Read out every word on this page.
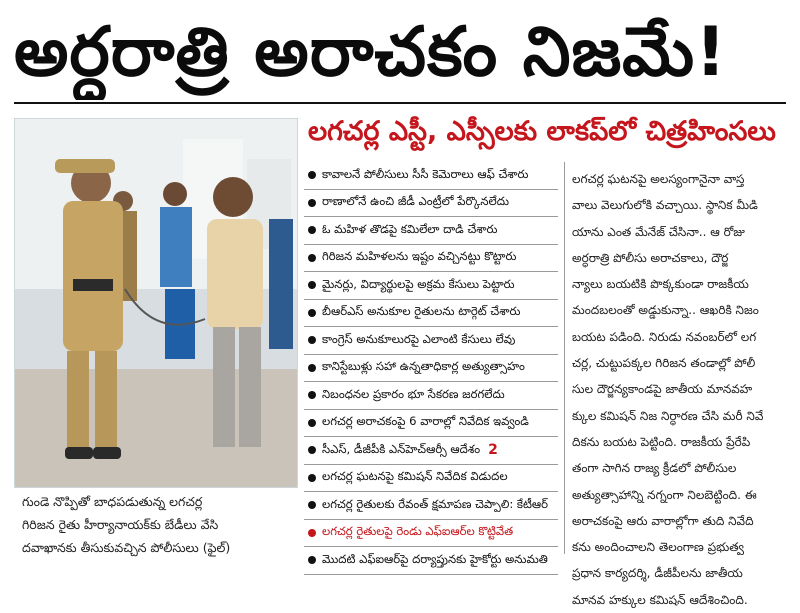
అర్ధరాత్రి అరాచకం నిజమే!
లగచర్ల ఎస్టీ, ఎస్సీలకు లాకప్‌లో చిత్రహింసలు
గుండె నొప్పితో బాధపడుతున్న లగచర్ల
గిరిజన రైతు హీర్యానాయక్‌కు బేడీలు వేసి
దవాఖానకు తీసుకువచ్చిన పోలీసులు (ఫైల్)
కావాలనే పోలీసులు సీసీ కెమెరాలు ఆఫ్ చేశారు
రాణాలోనే ఉంచి జీడీ ఎంట్రీలో పేర్కొనలేదు
ఓ మహిళ తొడపై కమిలేలా దాడి చేశారు
గిరిజన మహిళలను ఇష్టం వచ్చినట్టు కొట్టారు
మైనర్లు, విద్యార్థులపై అక్రమ కేసులు పెట్టారు
బీఆర్ఎస్ అనుకూల రైతులను టార్గెట్ చేశారు
కాంగ్రెస్ అనుకూలురపై ఎలాంటి కేసులు లేవు
కానిస్టేబుళ్లు సహా ఉన్నతాధికార్ల అత్యుత్సాహం
నిబంధనల ప్రకారం భూ సేకరణ జరగలేదు
లగచర్ల అరాచకంపై 6 వారాల్లో నివేదిక ఇవ్వండి
సీఎస్, డీజీపీకి ఎన్‌హెచ్‌ఆర్సీ ఆదేశం 2
లగచర్ల ఘటనపై కమిషన్ నివేదిక విడుదల
లగచర్ల రైతులకు రేవంత్ క్షమాపణ చెప్పాలి: కేటీఆర్
లగచర్ల రైతులపై రెండు ఎఫ్ఐఆర్‌ల కొట్టివేత
మొదటి ఎఫ్ఐఆర్‌పై దర్యాప్తునకు హైకోర్టు అనుమతి
లగచర్ల ఘటనపై అలస్యంగానైనా వాస్త
వాలు వెలుగులోకి వచ్చాయి. స్థానిక మీడి
యాను ఎంత మేనేజ్ చేసినా.. ఆ రోజు
అర్ధరాత్రి పోలీసు అరాచకాలు, దౌర్జ
న్యాలు బయటికి పొక్కకుండా రాజకీయ
మందబలంతో అడ్డుకున్నా.. ఆఖరికి నిజం
బయట పడింది. నిరుడు నవంబర్‌లో లగ
చర్ల, చుట్టుపక్కల గిరిజన తండాల్లో పోలీ
సుల దౌర్జన్యకాండపై జాతీయ మానవహ
క్కుల కమిషన్ నిజ నిర్ధారణ చేసి మరీ నివే
దికను బయట పెట్టింది. రాజకీయ ప్రేరేపి
తంగా సాగిన రాజ్య క్రీడలో పోలీసుల
అత్యుత్సాహాన్ని నగ్నంగా నిలబెట్టింది. ఈ
అరాచకంపై ఆరు వారాల్లోగా తుది నివేది
కను అందించాలని తెలంగాణ ప్రభుత్వ
ప్రధాన కార్యదర్శి, డీజీపీలను జాతీయ
మానవ హక్కుల కమిషన్ ఆదేశించింది.
